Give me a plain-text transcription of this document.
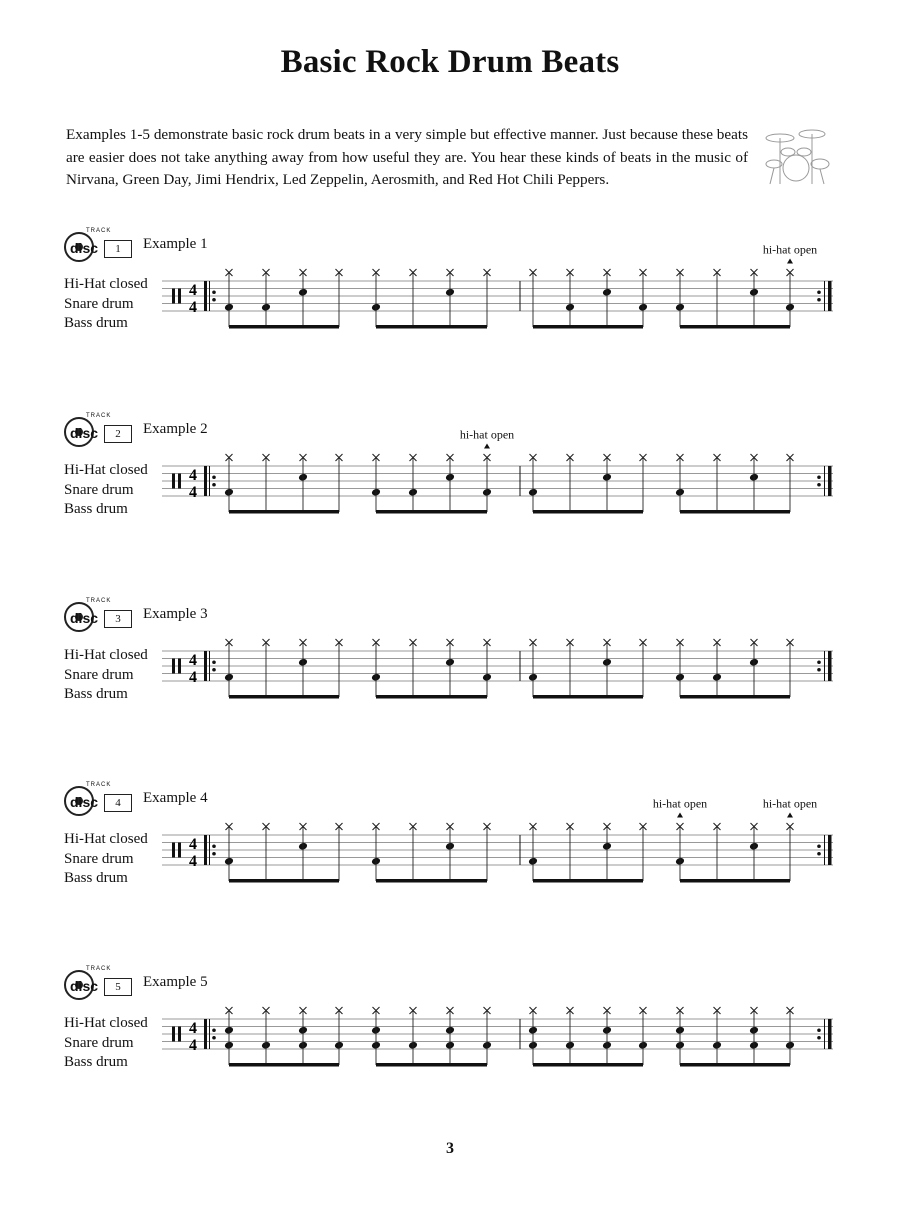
Basic Rock Drum Beats
Examples 1-5 demonstrate basic rock drum beats in a very simple but effective manner. Just because these beats are easier does not take anything away from how useful they are. You hear these kinds of beats in the music of Nirvana, Green Day, Jimi Hendrix, Led Zeppelin, Aerosmith, and Red Hot Chili Peppers.
TRACK
disc	1	Example 1
Hi-Hat closed
Snare drum
Bass drum
4
4
hi-hat open
TRACK
disc	2	Example 2
Hi-Hat closed
Snare drum
Bass drum
4
4
hi-hat open
TRACK
disc	3	Example 3
Hi-Hat closed
Snare drum
Bass drum
4
4
TRACK
disc	4	Example 4
Hi-Hat closed
Snare drum
Bass drum
4
4
hi-hat open	hi-hat open
TRACK
disc	5	Example 5
Hi-Hat closed
Snare drum
Bass drum
4
4
3
